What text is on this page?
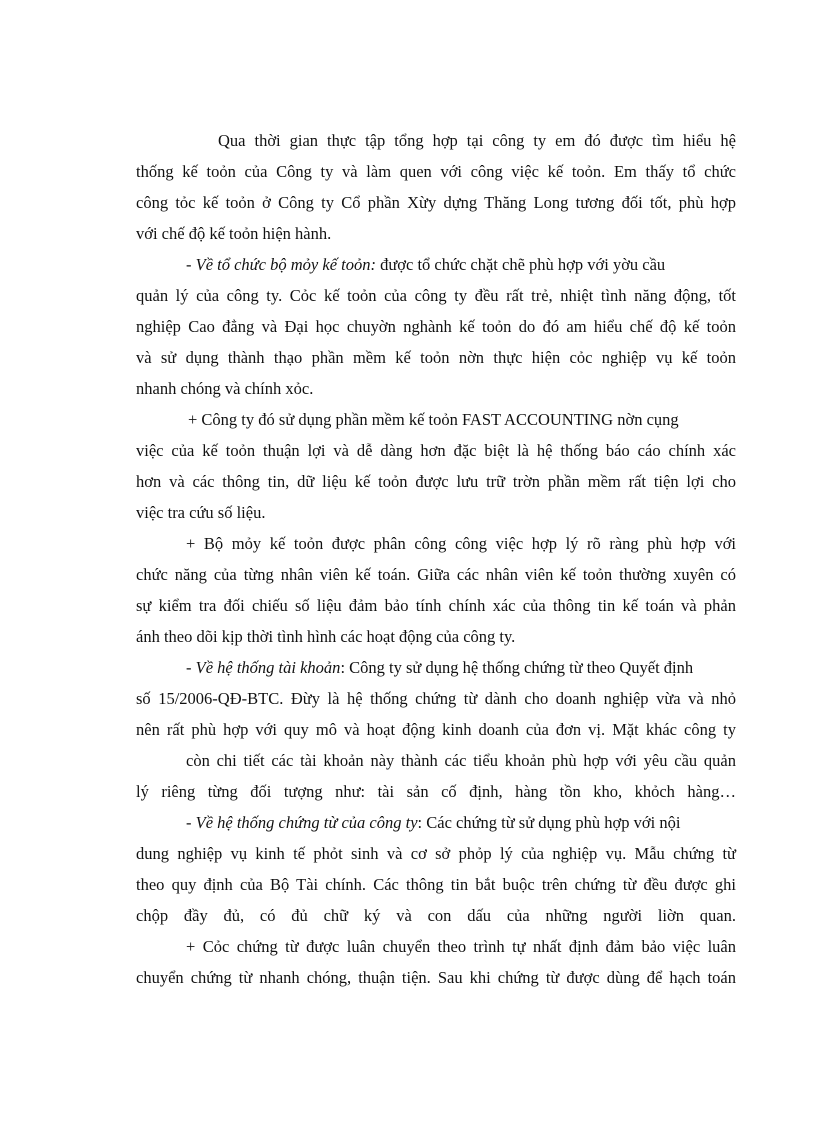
Qua thời gian thực tập tổng hợp tại công ty em đó được tìm hiểu hệ
thống kế toỏn của Công ty và làm quen với công việc kế toỏn. Em thấy tổ chức
công tỏc kế toỏn ở Công ty Cổ phần Xừy dựng Thăng Long tương đối tốt, phù hợp
với chế độ kế toỏn hiện hành.
- Về tổ chức bộ mỏy kế toỏn: được tổ chức chặt chẽ phù hợp với yờu cầu
quản lý của công ty. Cỏc kế toỏn của công ty đều rất trẻ, nhiệt tình năng động, tốt
nghiệp Cao đẳng và Đại học chuyờn nghành kế toỏn do đó am hiểu chế độ kế toỏn
và sử dụng thành thạo phần mềm kế toỏn nờn thực hiện cỏc nghiệp vụ kế toỏn
nhanh chóng và chính xỏc.
+ Công ty đó sử dụng phần mềm kế toỏn FAST ACCOUNTING nờn cụng
việc của kế toỏn thuận lợi và dễ dàng hơn đặc biệt là hệ thống báo cáo chính xác
hơn và các thông tin, dữ liệu kế toỏn được lưu trữ trờn phần mềm rất tiện lợi cho
việc tra cứu số liệu.
+ Bộ mỏy kế toỏn được phân công công việc hợp lý rõ ràng phù hợp với
chức năng của từng nhân viên kế toán. Giữa các nhân viên kế toỏn thường xuyên có
sự kiểm tra đối chiếu số liệu đảm bảo tính chính xác của thông tin kế toán và phản
ánh theo dõi kịp thời tình hình các hoạt động của công ty.
- Về hệ thống tài khoản: Công ty sử dụng hệ thống chứng từ theo Quyết định
số 15/2006-QĐ-BTC. Đừy là hệ thống chứng từ dành cho doanh nghiệp vừa và nhỏ
nên rất phù hợp với quy mô và hoạt động kinh doanh của đơn vị. Mặt khác công ty
còn chi tiết các tài khoản này thành các tiểu khoản phù hợp với yêu cầu quản
lý riêng từng đối tượng như: tài sản cố định, hàng tồn kho, khỏch hàng…
- Về hệ thống chứng từ của công ty: Các chứng từ sử dụng phù hợp với nội
dung nghiệp vụ kinh tế phỏt sinh và cơ sở phỏp lý của nghiệp vụ. Mẫu chứng từ
theo quy định của Bộ Tài chính. Các thông tin bắt buộc trên chứng từ đều được ghi
chộp đầy đủ, có đủ chữ ký và con dấu của những người liờn quan.
+ Cỏc chứng từ được luân chuyển theo trình tự nhất định đảm bảo việc luân
chuyển chứng từ nhanh chóng, thuận tiện. Sau khi chứng từ được dùng để hạch toán
